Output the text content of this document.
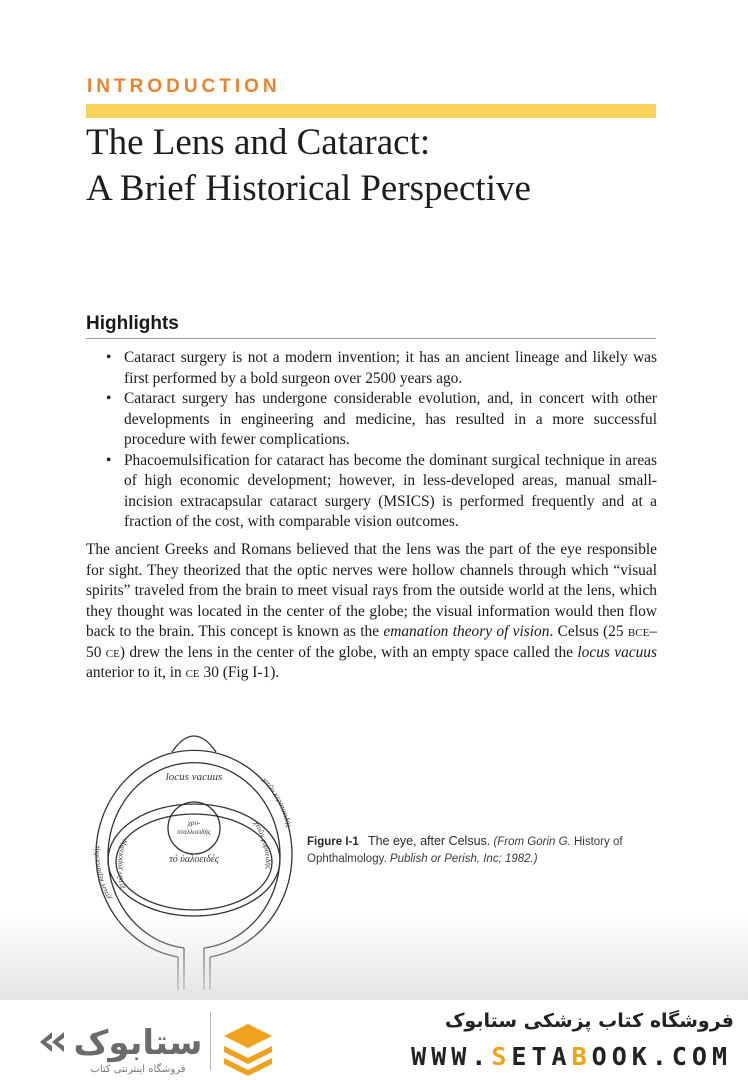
INTRODUCTION
The Lens and Cataract:
A Brief Historical Perspective
Highlights
• Cataract surgery is not a modern invention; it has an ancient lineage and likely was first performed by a bold surgeon over 2500 years ago.
• Cataract surgery has undergone considerable evolution, and, in concert with other developments in engineering and medicine, has resulted in a more successful procedure with fewer complications.
• Phacoemulsification for cataract has become the dominant surgical technique in areas of high economic development; however, in less-developed areas, manual small-incision extracapsular cataract surgery (MSICS) is performed frequently and at a fraction of the cost, with comparable vision outcomes.

The ancient Greeks and Romans believed that the lens was the part of the eye responsible for sight. They theorized that the optic nerves were hollow channels through which “visual spirits” traveled from the brain to meet visual rays from the outside world at the lens, which they thought was located in the center of the globe; the visual information would then flow back to the brain. This concept is known as the emanation theory of vision. Celsus (25 bce–50 ce) drew the lens in the center of the globe, with an empty space called the locus vacuus anterior to it, in ce 30 (Fig I-1).

locus vacuus
χρυ-
σταλλοειδής
τό ὑαλοειδές
χιτῶν κερατοειδής
χιτῶν χοροειδής
χιτῶν κερατοειδής
χιτῶν χοροειδής
Figure I-1 The eye, after Celsus. (From Gorin G. History of Ophthalmology. Publish or Perish, Inc; 1982.)
ستابوک
فروشگاه اینترنتی کتاب
فروشگاه کتاب پزشکی ستابوک
WWW.SETABOOK.COM
